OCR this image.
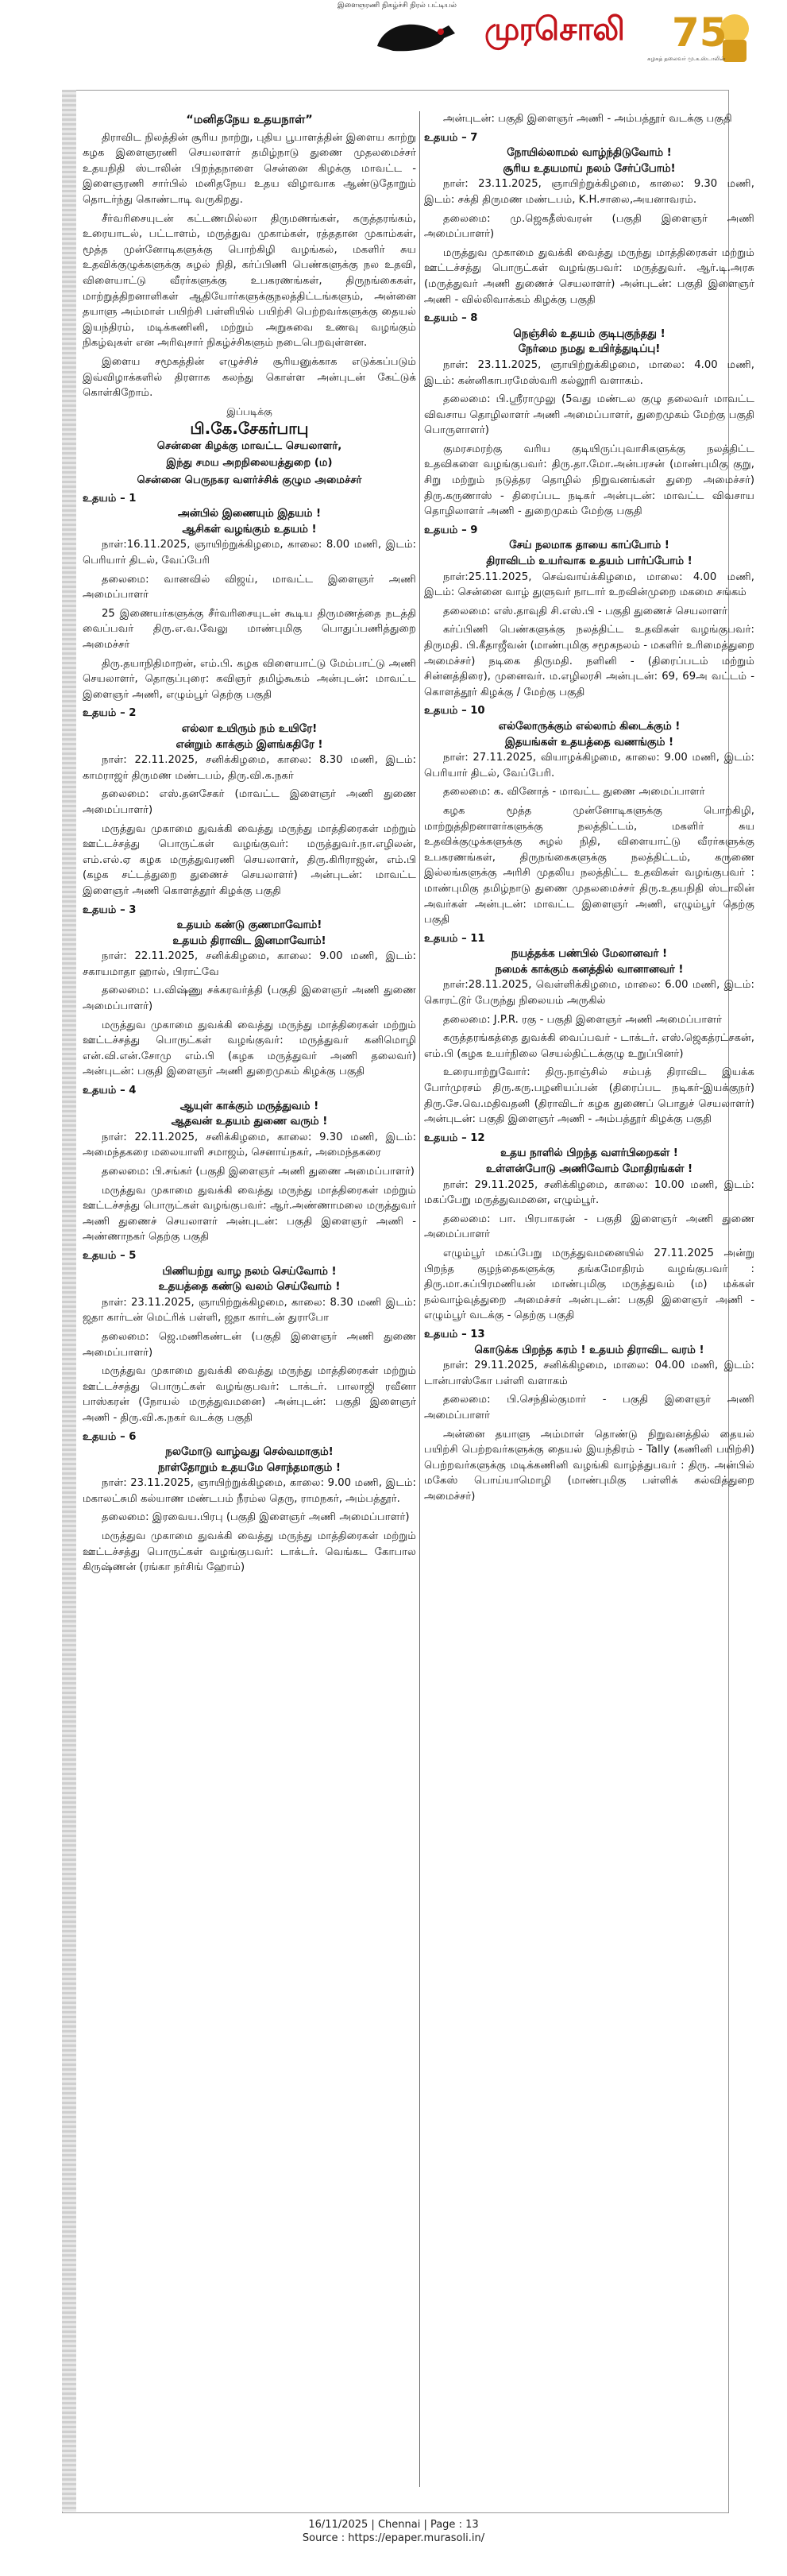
இளைஞரணி நிகழ்ச்சி நிரல் பட்டியல்
முரசொலி 75
கழகத் தலைவர் மு.க.ஸ்டாலின்

“மனிதநேய உதயநாள்”

திராவிட நிலத்தின் சூரிய நாற்று, புதிய பூபாளத்தின் இளைய காற்று கழக இளைஞரணி செயலாளர் தமிழ்நாடு துணை முதலமைச்சர் உதயநிதி ஸ்டாலின் பிறந்தநாளை சென்னை கிழக்கு மாவட்ட - இளைஞரணி சார்பில் மனிதநேய உதய விழாவாக ஆண்டுதோறும் தொடர்ந்து கொண்டாடி வருகிறது.

சீர்வரிசையுடன் கட்டணமில்லா திருமணங்கள், கருத்தரங்கம், உரையாடல், பட்டாளம், மருத்துவ முகாம்கள், ரத்ததான முகாம்கள், மூத்த முன்னோடிகளுக்கு பொற்கிழி வழங்கல், மகளிர் சுய உதவிக்குழுக்களுக்கு சுழல் நிதி, கர்ப்பிணி பெண்களுக்கு நல உதவி, விளையாட்டு வீரர்களுக்கு உபகரணங்கள், திருநங்கைகள், மாற்றுத்திறனாளிகள் ஆதியோர்களுக்குநலத்திட்டங்களும், அன்னை தயாளு அம்மாள் பயிற்சி பள்ளியில் பயிற்சி பெற்றவர்களுக்கு தையல் இயந்திரம், மடிக்கணினி, மற்றும் அறுசுவை உணவு வழங்கும் நிகழ்வுகள் என அரிவுசார் நிகழ்ச்சிகளும் நடைபெறவுள்ளன.

இளைய சமூகத்தின் எழுச்சிச் சூரியனுக்காக எடுக்கப்படும் இவ்விழாக்களில் திரளாக கலந்து கொள்ள அன்புடன் கேட்டுக் கொள்கிறோம்.

இப்படிக்கு

பி.கே.சேகர்பாபு

சென்னை கிழக்கு மாவட்ட செயலாளர்,

இந்து சமய அறநிலையத்துறை (ம)

சென்னை பெருநகர வளர்ச்சிக் குழும அமைச்சர்

உதயம் – 1

அன்பில் இணையும் இதயம் !

ஆசிகள் வழங்கும் உதயம் !

நாள்:16.11.2025, ஞாயிற்றுக்கிழமை, காலை: 8.00 மணி, இடம்: பெரியார் திடல், வேப்பேரி

தலைமை: வானவில் விஜய், மாவட்ட இளைஞர் அணி அமைப்பாளர்

25 இணையர்களுக்கு சீர்வரிசையுடன் கூடிய திருமணத்தை நடத்தி வைப்பவர் திரு.எ.வ.வேலு மாண்புமிகு பொதுப்பணித்துறை அமைச்சர்

திரு.தயாநிதிமாறன், எம்.பி. கழக விளையாட்டு மேம்பாட்டு அணி செயலாளர், தொகுப்புரை: கவிஞர் தமிழ்கூகம் அன்புடன்: மாவட்ட இளைஞர் அணி, எழும்பூர் தெற்கு பகுதி

உதயம் – 2

எல்லா உயிரும் நம் உயிரே!

என்றும் காக்கும் இளங்கதிரே !

நாள்: 22.11.2025, சனிக்கிழமை, காலை: 8.30 மணி, இடம்: காமராஜர் திருமண மண்டபம், திரு.வி.க.நகர்

தலைமை: எஸ்.தனசேகர் (மாவட்ட இளைஞர் அணி துணை அமைப்பாளர்)

மருத்துவ முகாமை துவக்கி வைத்து மருந்து மாத்திரைகள் மற்றும் ஊட்டச்சத்து பொருட்கள் வழங்குவர்: மருத்துவர்.நா.எழிலன், எம்.எல்.ஏ கழக மருத்துவரணி செயலாளர், திரு.கிரிராஜன், எம்.பி (கழக சட்டத்துறை துணைச் செயலாளர்) அன்புடன்: மாவட்ட இளைஞர் அணி கொளத்தூர் கிழக்கு பகுதி

உதயம் – 3

உதயம் கண்டு குணமாவோம்!

உதயம் திராவிட இனமாவோம்!

நாள்: 22.11.2025, சனிக்கிழமை, காலை: 9.00 மணி, இடம்: சகாயமாதா ஹால், பிராட்வே

தலைமை: ப.விஷ்ணு சக்கரவர்த்தி (பகுதி இளைஞர் அணி துணை அமைப்பாளர்)

மருத்துவ முகாமை துவக்கி வைத்து மருந்து மாத்திரைகள் மற்றும் ஊட்டச்சத்து பொருட்கள் வழங்குவர்: மருத்துவர் கனிமொழி என்.வி.என்.சோமு எம்.பி (கழக மருத்துவர் அணி தலைவர்) அன்புடன்: பகுதி இளைஞர் அணி துறைமுகம் கிழக்கு பகுதி

உதயம் – 4

ஆயுள் காக்கும் மருத்துவம் !

ஆதவன் உதயம் துணை வரும் !

நாள்: 22.11.2025, சனிக்கிழமை, காலை: 9.30 மணி, இடம்: அமைந்தகரை மலையாளி சமாஜம், செனாய்நகர், அமைந்தகரை

தலைமை: பி.சங்கர் (பகுதி இளைஞர் அணி துணை அமைப்பாளர்)

மருத்துவ முகாமை துவக்கி வைத்து மருந்து மாத்திரைகள் மற்றும் ஊட்டச்சத்து பொருட்கள் வழங்குபவர்: ஆர்.அண்ணாமலை மருத்துவர் அணி துணைச் செயலாளர் அன்புடன்: பகுதி இளைஞர் அணி - அண்ணாநகர் தெற்கு பகுதி

உதயம் – 5

பிணியற்று வாழ நலம் செய்வோம் !

உதயத்தை கண்டு வலம் செய்வோம் !

நாள்: 23.11.2025, ஞாயிற்றுக்கிழமை, காலை: 8.30 மணி இடம்: ஜதா கார்டன் மெட்ரிக் பள்ளி, ஜதா கார்டன் துராபோ

தலைமை: ஜெ.மணிகண்டன் (பகுதி இளைஞர் அணி துணை அமைப்பாளர்)

மருத்துவ முகாமை துவக்கி வைத்து மருந்து மாத்திரைகள் மற்றும் ஊட்டச்சத்து பொருட்கள் வழங்குபவர்: டாக்டர். பாலாஜி ரவீனா பாஸ்கரன் (நோயல் மருத்துவமனை) அன்புடன்: பகுதி இளைஞர் அணி - திரு.வி.க.நகர் வடக்கு பகுதி

உதயம் – 6

நலமோடு வாழ்வது செல்வமாகும்!

நாள்தோறும் உதயமே சொந்தமாகும் !

நாள்: 23.11.2025, ஞாயிற்றுக்கிழமை, காலை: 9.00 மணி, இடம்: மகாலட்சுமி கல்யாண மண்டபம் நீரம்ல தெரு, ராமநகர், அம்பத்தூர்.

தலைமை: இரவைய.பிரபு (பகுதி இளைஞர் அணி அமைப்பாளர்)

மருத்துவ முகாமை துவக்கி வைத்து மருந்து மாத்திரைகள் மற்றும் ஊட்டச்சத்து பொருட்கள் வழங்குபவர்: டாக்டர். வெங்கட கோபால கிருஷ்ணன் (ரங்கா நர்சிங் ஹோம்)

அன்புடன்: பகுதி இளைஞர் அணி - அம்பத்தூர் வடக்கு பகுதி

உதயம் – 7

நோயில்லாமல் வாழ்ந்திடுவோம் !

சூரிய உதயமாய் நலம் சேர்ப்போம்!

நாள்: 23.11.2025, ஞாயிற்றுக்கிழமை, காலை: 9.30 மணி, இடம்: சக்தி திருமண மண்டபம், K.H.சாலை,அயனாவரம்.

தலைமை: மு.ஜெகதீஸ்வரன் (பகுதி இளைஞர் அணி அமைப்பாளர்)

மருத்துவ முகாமை துவக்கி வைத்து மருந்து மாத்திரைகள் மற்றும் ஊட்டச்சத்து பொருட்கள் வழங்குபவர்: மருத்துவர். ஆர்.டி.அரசு (மருத்துவர் அணி துணைச் செயலாளர்) அன்புடன்: பகுதி இளைஞர் அணி - வில்லிவாக்கம் கிழக்கு பகுதி

உதயம் – 8

நெஞ்சில் உதயம் குடிபுகுந்தது !

நேர்மை நமது உயிர்த்துடிப்பு!

நாள்: 23.11.2025, ஞாயிற்றுக்கிழமை, மாலை: 4.00 மணி, இடம்: கன்னிகாபரமேஸ்வரி கல்லூரி வளாகம்.

தலைமை: பி.ஸ்ரீராமுலு (5வது மண்டல குழு தலைவர் மாவட்ட விவசாய தொழிலாளர் அணி அமைப்பாளர், துறைமுகம் மேற்கு பகுதி பொருளாளர்)

குமரசமரற்கு வரிய குடியிருப்புவாசிகளுக்கு நலத்திட்ட உதவிகளை வழங்குபவர்: திரு.தா.மோ.அன்பரசன் (மாண்புமிகு குறு, சிறு மற்றும் நடுத்தர தொழில் நிறுவனங்கள் துறை அமைச்சர்) திரு.கருணாஸ் - திரைப்பட நடிகர் அன்புடன்: மாவட்ட விவசாய தொழிலாளர் அணி - துறைமுகம் மேற்கு பகுதி

உதயம் – 9

சேய் நலமாக தாயை காப்போம் !

திராவிடம் உயர்வாக உதயம் பார்ப்போம் !

நாள்:25.11.2025, செவ்வாய்க்கிழமை, மாலை: 4.00 மணி, இடம்: சென்னை வாழ் துளுவர் நாடார் உறவின்முறை மகமை சங்கம்

தலைமை: எஸ்.தாவுதி சி.எஸ்.பி - பகுதி துணைச் செயலாளர்

கர்ப்பிணி பெண்களுக்கு நலத்திட்ட உதவிகள் வழங்குபவர்: திருமதி. பி.கீதாஜீவன் (மாண்புமிகு சமூகநலம் - மகளிர் உரிமைத்துறை அமைச்சர்) நடிகை திருமதி. நளினி - (திரைப்படம் மற்றும் சின்னத்திரை), முனைவர். ம.எழிலரசி அன்புடன்: 69, 69அ வட்டம் - கொளத்தூர் கிழக்கு / மேற்கு பகுதி

உதயம் – 10

எல்லோருக்கும் எல்லாம் கிடைக்கும் !

இதயங்கள் உதயத்தை வணங்கும் !

நாள்: 27.11.2025, வியாழக்கிழமை, காலை: 9.00 மணி, இடம்: பெரியார் திடல், வேப்பேரி.

தலைமை: க. வினோத் - மாவட்ட துணை அமைப்பாளர்

கழக மூத்த முன்னோடிகளுக்கு பொற்கிழி, மாற்றுத்திறனாளர்களுக்கு நலத்திட்டம், மகளிர் சுய உதவிக்குழுக்களுக்கு சுழல் நிதி, விளையாட்டு வீரர்களுக்கு உபகரணங்கள், திருநங்கைகளுக்கு நலத்திட்டம், கருணை இல்லங்களுக்கு அரிசி முதலிய நலத்திட்ட உதவிகள் வழங்குபவர் : மாண்புமிகு தமிழ்நாடு துணை முதலமைச்சர் திரு.உதயநிதி ஸ்டாலின் அவர்கள் அன்புடன்: மாவட்ட இளைஞர் அணி, எழும்பூர் தெற்கு பகுதி

உதயம் – 11

நயத்தக்க பண்பில் மேலானவர் !

நமைக் காக்கும் கனத்தில் வானானவர் !

நாள்:28.11.2025, வெள்ளிக்கிழமை, மாலை: 6.00 மணி, இடம்: கொரட்டூர் பேருந்து நிலையம் அருகில்

தலைமை: J.P.R. ரகு - பகுதி இளைஞர் அணி அமைப்பாளர்

கருத்தரங்கத்தை துவக்கி வைப்பவர் - டாக்டர். எஸ்.ஜெகத்ரட்சகன், எம்.பி (கழக உயர்நிலை செயல்திட்டக்குழு உறுப்பினர்)

உரையாற்றுவோர்: திரு.நாஞ்சில் சம்பத் திராவிட இயக்க போர்முரசம் திரு.கரு.பழனியப்பன் (திரைப்பட நடிகர்-இயக்குநர்) திரு.சே.வெ.மதிவதனி (திராவிடர் கழக துணைப் பொதுச் செயலாளர்) அன்புடன்: பகுதி இளைஞர் அணி - அம்பத்தூர் கிழக்கு பகுதி

உதயம் – 12

உதய நாளில் பிறந்த வளர்பிறைகள் !

உள்ளன்போடு அணிவோம் மோதிரங்கள் !

நாள்: 29.11.2025, சனிக்கிழமை, காலை: 10.00 மணி, இடம்: மகப்பேறு மருத்துவமனை, எழும்பூர்.

தலைமை: பா. பிரபாகரன் - பகுதி இளைஞர் அணி துணை அமைப்பாளர்

எழும்பூர் மகப்பேறு மருத்துவமனையில் 27.11.2025 அன்று பிறந்த குழந்தைகளுக்கு தங்கமோதிரம் வழங்குபவர் : திரு.மா.சுப்பிரமணியன் மாண்புமிகு மருத்துவம் (ம) மக்கள் நல்வாழ்வுத்துறை அமைச்சர் அன்புடன்: பகுதி இளைஞர் அணி - எழும்பூர் வடக்கு - தெற்கு பகுதி

உதயம் – 13

கொடுக்க பிறந்த கரம் ! உதயம் திராவிட வரம் !

நாள்: 29.11.2025, சனிக்கிழமை, மாலை: 04.00 மணி, இடம்: டான்பாஸ்கோ பள்ளி வளாகம்

தலைமை: பி.செந்தில்குமார் - பகுதி இளைஞர் அணி அமைப்பாளர்

அன்னை தயாளு அம்மாள் தொண்டு நிறுவனத்தில் தையல் பயிற்சி பெற்றவர்களுக்கு தையல் இயந்திரம் - Tally (கணினி பயிற்சி) பெற்றவர்களுக்கு மடிக்கணினி வழங்கி வாழ்த்துபவர் : திரு. அன்பில் மகேஸ் பொய்யாமொழி (மாண்புமிகு பள்ளிக் கல்வித்துறை அமைச்சர்)

16/11/2025 | Chennai | Page : 13
Source : https://epaper.murasoli.in/
